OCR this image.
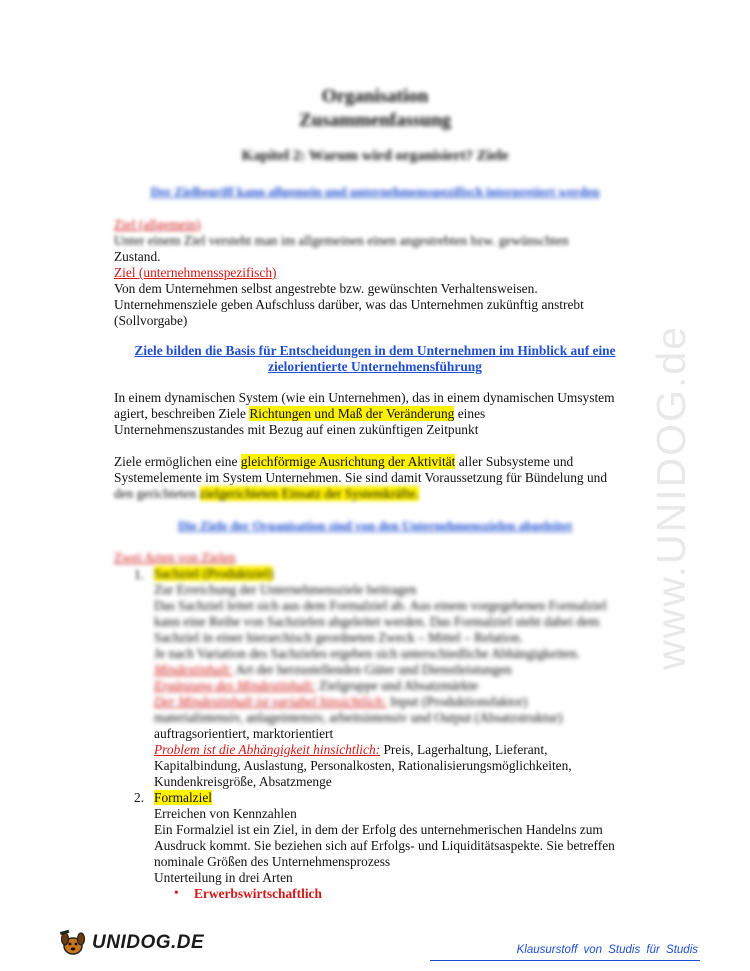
www.UNIDOG.de
Organisation
Zusammenfassung
Kapitel 2: Warum wird organisiert? Ziele
Der Zielbegriff kann allgemein und unternehmensspezifisch interpretiert werden
Ziel (allgemein)
Unter einem Ziel versteht man im allgemeinen einen angestrebten bzw. gewünschten
Zustand.
Ziel (unternehmensspezifisch)
Von dem Unternehmen selbst angestrebte bzw. gewünschten Verhaltensweisen.
Unternehmensziele geben Aufschluss darüber, was das Unternehmen zukünftig anstrebt
(Sollvorgabe)
Ziele bilden die Basis für Entscheidungen in dem Unternehmen im Hinblick auf eine
zielorientierte Unternehmensführung
In einem dynamischen System (wie ein Unternehmen), das in einem dynamischen Umsystem
agiert, beschreiben Ziele Richtungen und Maß der Veränderung eines
Unternehmenszustandes mit Bezug auf einen zukünftigen Zeitpunkt
Ziele ermöglichen eine gleichförmige Ausrichtung der Aktivität aller Subsysteme und
Systemelemente im System Unternehmen. Sie sind damit Voraussetzung für Bündelung und
den gerichteten zielgerichteten Einsatz der Systemkräfte.
Die Ziele der Organisation sind von den Unternehmenszielen abgeleitet
Zwei Arten von Zielen
1. Sachziel (Produktziel)
Zur Erreichung der Unternehmensziele beitragen
Das Sachziel leitet sich aus dem Formalziel ab. Aus einem vorgegebenen Formalziel
kann eine Reihe von Sachzielen abgeleitet werden. Das Formalziel steht dabei dem
Sachziel in einer hierarchisch geordneten Zweck – Mittel – Relation.
Je nach Variation des Sachzieles ergeben sich unterschiedliche Abhängigkeiten.
Mindestinhalt: Art der herzustellenden Güter und Dienstleistungen
Ergänzung des Mindestinhalt: Zielgruppe und Absatzmärkte
Der Mindestinhalt ist variabel hinsichtlich: Input (Produktionsfaktor)
materialintensiv, anlageintensiv, arbeitsintensiv und Output (Absatzstruktur)
auftragsorientiert, marktorientiert
Problem ist die Abhängigkeit hinsichtlich: Preis, Lagerhaltung, Lieferant,
Kapitalbindung, Auslastung, Personalkosten, Rationalisierungsmöglichkeiten,
Kundenkreisgröße, Absatzmenge
2. Formalziel
Erreichen von Kennzahlen
Ein Formalziel ist ein Ziel, in dem der Erfolg des unternehmerischen Handelns zum
Ausdruck kommt. Sie beziehen sich auf Erfolgs- und Liquiditätsaspekte. Sie betreffen
nominale Größen des Unternehmensprozess
Unterteilung in drei Arten
• Erwerbswirtschaftlich
UNIDOG.DE	Klausurstoff von Studis für Studis
